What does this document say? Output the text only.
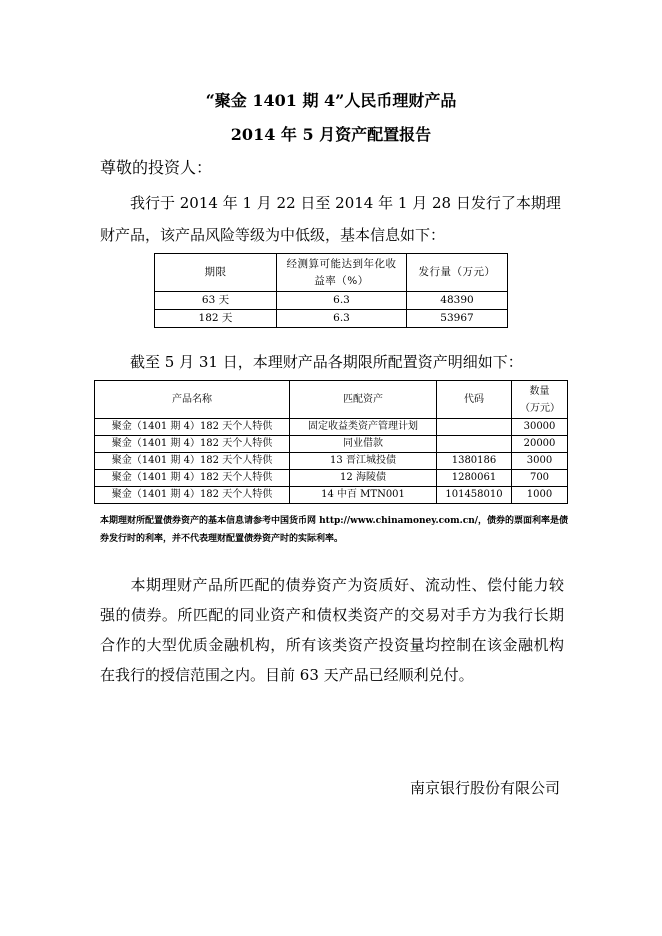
“聚金 1401 期 4”人民币理财产品
2014 年 5 月资产配置报告
尊敬的投资人：
我行于 2014 年 1 月 22 日至 2014 年 1 月 28 日发行了本期理
财产品，该产品风险等级为中低级，基本信息如下：
期限	经测算可能达到年化收益率（%）	发行量（万元）
63 天	6.3	48390
182 天	6.3	53967
截至 5 月 31 日，本理财产品各期限所配置资产明细如下：
产品名称	匹配资产	代码	数量（万元）
聚金（1401 期 4）182 天个人特供	固定收益类资产管理计划		30000
聚金（1401 期 4）182 天个人特供	同业借款		20000
聚金（1401 期 4）182 天个人特供	13 晋江城投债	1380186	3000
聚金（1401 期 4）182 天个人特供	12 海陵债	1280061	700
聚金（1401 期 4）182 天个人特供	14 中百 MTN001	101458010	1000
本期理财所配置债券资产的基本信息请参考中国货币网 http://www.chinamoney.com.cn/，债券的票面利率是债券发行时的利率，并不代表理财配置债券资产时的实际利率。
本期理财产品所匹配的债券资产为资质好、流动性、偿付能力较强的债券。所匹配的同业资产和债权类资产的交易对手方为我行长期合作的大型优质金融机构，所有该类资产投资量均控制在该金融机构在我行的授信范围之内。目前 63 天产品已经顺利兑付。
南京银行股份有限公司
